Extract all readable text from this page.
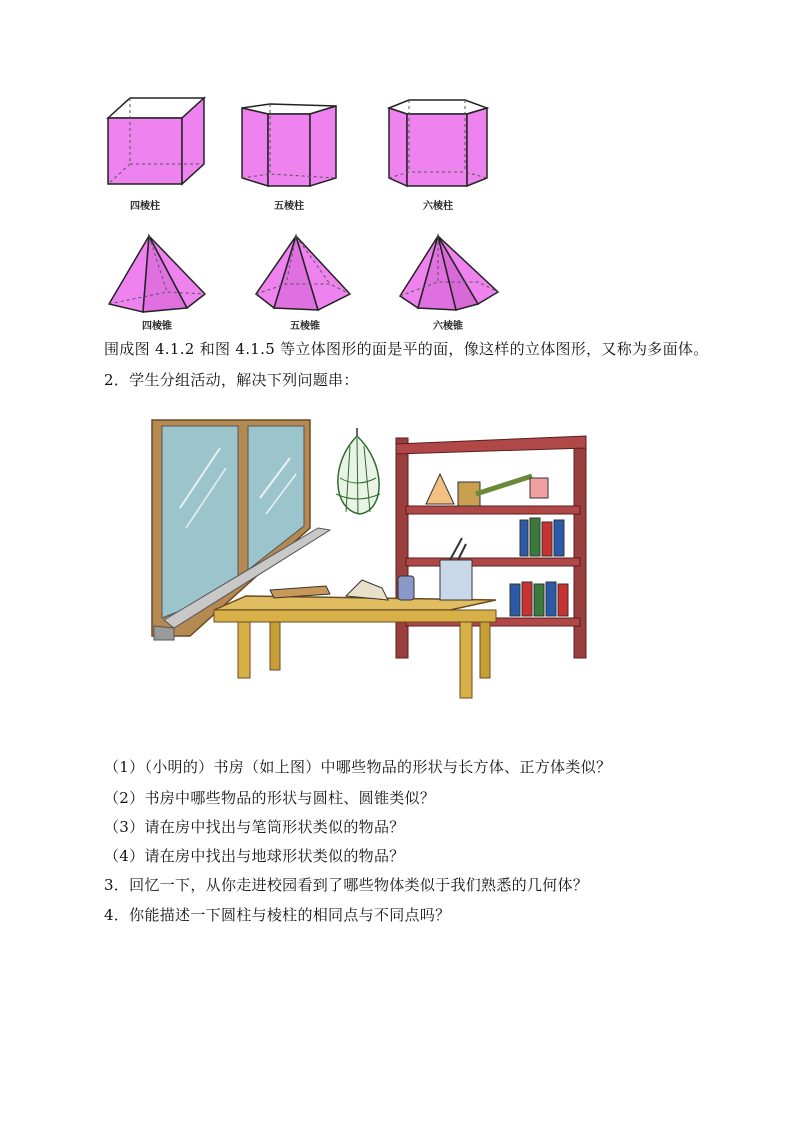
四棱柱	五棱柱	六棱柱
四棱锥	五棱锥	六棱锥
围成图 4.1.2 和图 4.1.5 等立体图形的面是平的面，像这样的立体图形，又称为多面体。
2．学生分组活动，解决下列问题串：
（1）（小明的）书房（如上图）中哪些物品的形状与长方体、正方体类似？
（2）书房中哪些物品的形状与圆柱、圆锥类似？
（3）请在房中找出与笔筒形状类似的物品？
（4）请在房中找出与地球形状类似的物品？
3．回忆一下，从你走进校园看到了哪些物体类似于我们熟悉的几何体？
4．你能描述一下圆柱与棱柱的相同点与不同点吗？
